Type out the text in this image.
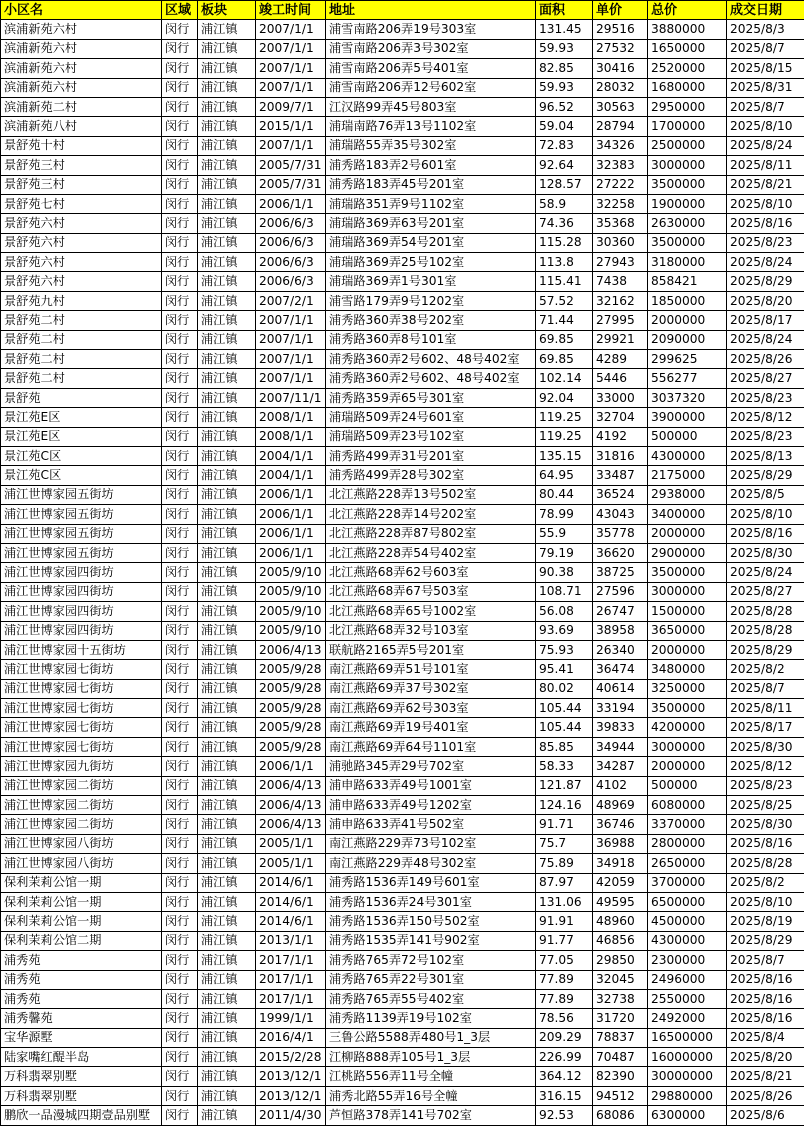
小区名	区域	板块	竣工时间	地址	面积	单价	总价	成交日期
滨浦新苑六村	闵行	浦江镇	2007/1/1	浦雪南路206弄19号303室	131.45	29516	3880000	2025/8/3
滨浦新苑六村	闵行	浦江镇	2007/1/1	浦雪南路206弄3号302室	59.93	27532	1650000	2025/8/7
滨浦新苑六村	闵行	浦江镇	2007/1/1	浦雪南路206弄5号401室	82.85	30416	2520000	2025/8/15
滨浦新苑六村	闵行	浦江镇	2007/1/1	浦雪南路206弄12号602室	59.93	28032	1680000	2025/8/31
滨浦新苑二村	闵行	浦江镇	2009/7/1	江汉路99弄45号803室	96.52	30563	2950000	2025/8/7
滨浦新苑八村	闵行	浦江镇	2015/1/1	浦瑞南路76弄13号1102室	59.04	28794	1700000	2025/8/10
景舒苑十村	闵行	浦江镇	2007/1/1	浦瑞路55弄35号302室	72.83	34326	2500000	2025/8/24
景舒苑三村	闵行	浦江镇	2005/7/31	浦秀路183弄2号601室	92.64	32383	3000000	2025/8/11
景舒苑三村	闵行	浦江镇	2005/7/31	浦秀路183弄45号201室	128.57	27222	3500000	2025/8/21
景舒苑七村	闵行	浦江镇	2006/1/1	浦瑞路351弄9号1102室	58.9	32258	1900000	2025/8/10
景舒苑六村	闵行	浦江镇	2006/6/3	浦瑞路369弄63号201室	74.36	35368	2630000	2025/8/16
景舒苑六村	闵行	浦江镇	2006/6/3	浦瑞路369弄54号201室	115.28	30360	3500000	2025/8/23
景舒苑六村	闵行	浦江镇	2006/6/3	浦瑞路369弄25号102室	113.8	27943	3180000	2025/8/24
景舒苑六村	闵行	浦江镇	2006/6/3	浦瑞路369弄1号301室	115.41	7438	858421	2025/8/29
景舒苑九村	闵行	浦江镇	2007/2/1	浦雪路179弄9号1202室	57.52	32162	1850000	2025/8/20
景舒苑二村	闵行	浦江镇	2007/1/1	浦秀路360弄38号202室	71.44	27995	2000000	2025/8/17
景舒苑二村	闵行	浦江镇	2007/1/1	浦秀路360弄8号101室	69.85	29921	2090000	2025/8/24
景舒苑二村	闵行	浦江镇	2007/1/1	浦秀路360弄2号602、48号402室	69.85	4289	299625	2025/8/26
景舒苑二村	闵行	浦江镇	2007/1/1	浦秀路360弄2号602、48号402室	102.14	5446	556277	2025/8/27
景舒苑	闵行	浦江镇	2007/11/1	浦秀路359弄65号301室	92.04	33000	3037320	2025/8/23
景江苑E区	闵行	浦江镇	2008/1/1	浦瑞路509弄24号601室	119.25	32704	3900000	2025/8/12
景江苑E区	闵行	浦江镇	2008/1/1	浦瑞路509弄23号102室	119.25	4192	500000	2025/8/23
景江苑C区	闵行	浦江镇	2004/1/1	浦秀路499弄31号201室	135.15	31816	4300000	2025/8/13
景江苑C区	闵行	浦江镇	2004/1/1	浦秀路499弄28号302室	64.95	33487	2175000	2025/8/29
浦江世博家园五街坊	闵行	浦江镇	2006/1/1	北江燕路228弄13号502室	80.44	36524	2938000	2025/8/5
浦江世博家园五街坊	闵行	浦江镇	2006/1/1	北江燕路228弄14号202室	78.99	43043	3400000	2025/8/10
浦江世博家园五街坊	闵行	浦江镇	2006/1/1	北江燕路228弄87号802室	55.9	35778	2000000	2025/8/16
浦江世博家园五街坊	闵行	浦江镇	2006/1/1	北江燕路228弄54号402室	79.19	36620	2900000	2025/8/30
浦江世博家园四街坊	闵行	浦江镇	2005/9/10	北江燕路68弄62号603室	90.38	38725	3500000	2025/8/24
浦江世博家园四街坊	闵行	浦江镇	2005/9/10	北江燕路68弄67号503室	108.71	27596	3000000	2025/8/27
浦江世博家园四街坊	闵行	浦江镇	2005/9/10	北江燕路68弄65号1002室	56.08	26747	1500000	2025/8/28
浦江世博家园四街坊	闵行	浦江镇	2005/9/10	北江燕路68弄32号103室	93.69	38958	3650000	2025/8/28
浦江世博家园十五街坊	闵行	浦江镇	2006/4/13	联航路2165弄5号201室	75.93	26340	2000000	2025/8/29
浦江世博家园七街坊	闵行	浦江镇	2005/9/28	南江燕路69弄51号101室	95.41	36474	3480000	2025/8/2
浦江世博家园七街坊	闵行	浦江镇	2005/9/28	南江燕路69弄37号302室	80.02	40614	3250000	2025/8/7
浦江世博家园七街坊	闵行	浦江镇	2005/9/28	南江燕路69弄62号303室	105.44	33194	3500000	2025/8/11
浦江世博家园七街坊	闵行	浦江镇	2005/9/28	南江燕路69弄19号401室	105.44	39833	4200000	2025/8/17
浦江世博家园七街坊	闵行	浦江镇	2005/9/28	南江燕路69弄64号1101室	85.85	34944	3000000	2025/8/30
浦江世博家园九街坊	闵行	浦江镇	2006/1/1	浦驰路345弄29号702室	58.33	34287	2000000	2025/8/12
浦江世博家园二街坊	闵行	浦江镇	2006/4/13	浦申路633弄49号1001室	121.87	4102	500000	2025/8/23
浦江世博家园二街坊	闵行	浦江镇	2006/4/13	浦申路633弄49号1202室	124.16	48969	6080000	2025/8/25
浦江世博家园二街坊	闵行	浦江镇	2006/4/13	浦申路633弄41号502室	91.71	36746	3370000	2025/8/30
浦江世博家园八街坊	闵行	浦江镇	2005/1/1	南江燕路229弄73号102室	75.7	36988	2800000	2025/8/16
浦江世博家园八街坊	闵行	浦江镇	2005/1/1	南江燕路229弄48号302室	75.89	34918	2650000	2025/8/28
保利茉莉公馆一期	闵行	浦江镇	2014/6/1	浦秀路1536弄149号601室	87.97	42059	3700000	2025/8/2
保利茉莉公馆一期	闵行	浦江镇	2014/6/1	浦秀路1536弄24号301室	131.06	49595	6500000	2025/8/10
保利茉莉公馆一期	闵行	浦江镇	2014/6/1	浦秀路1536弄150号502室	91.91	48960	4500000	2025/8/19
保利茉莉公馆二期	闵行	浦江镇	2013/1/1	浦秀路1535弄141号902室	91.77	46856	4300000	2025/8/29
浦秀苑	闵行	浦江镇	2017/1/1	浦秀路765弄72号102室	77.05	29850	2300000	2025/8/7
浦秀苑	闵行	浦江镇	2017/1/1	浦秀路765弄22号301室	77.89	32045	2496000	2025/8/16
浦秀苑	闵行	浦江镇	2017/1/1	浦秀路765弄55号402室	77.89	32738	2550000	2025/8/16
浦秀馨苑	闵行	浦江镇	1999/1/1	浦秀路1139弄19号102室	78.56	31720	2492000	2025/8/16
宝华源墅	闵行	浦江镇	2016/4/1	三鲁公路5588弄480号1_3层	209.29	78837	16500000	2025/8/4
陆家嘴红醍半岛	闵行	浦江镇	2015/2/28	江柳路888弄105号1_3层	226.99	70487	16000000	2025/8/20
万科翡翠别墅	闵行	浦江镇	2013/12/1	江桃路556弄11号全幢	364.12	82390	30000000	2025/8/21
万科翡翠别墅	闵行	浦江镇	2013/12/1	浦秀北路55弄16号全幢	316.15	94512	29880000	2025/8/26
鹏欣一品漫城四期壹品别墅	闵行	浦江镇	2011/4/30	芦恒路378弄141号702室	92.53	68086	6300000	2025/8/6
